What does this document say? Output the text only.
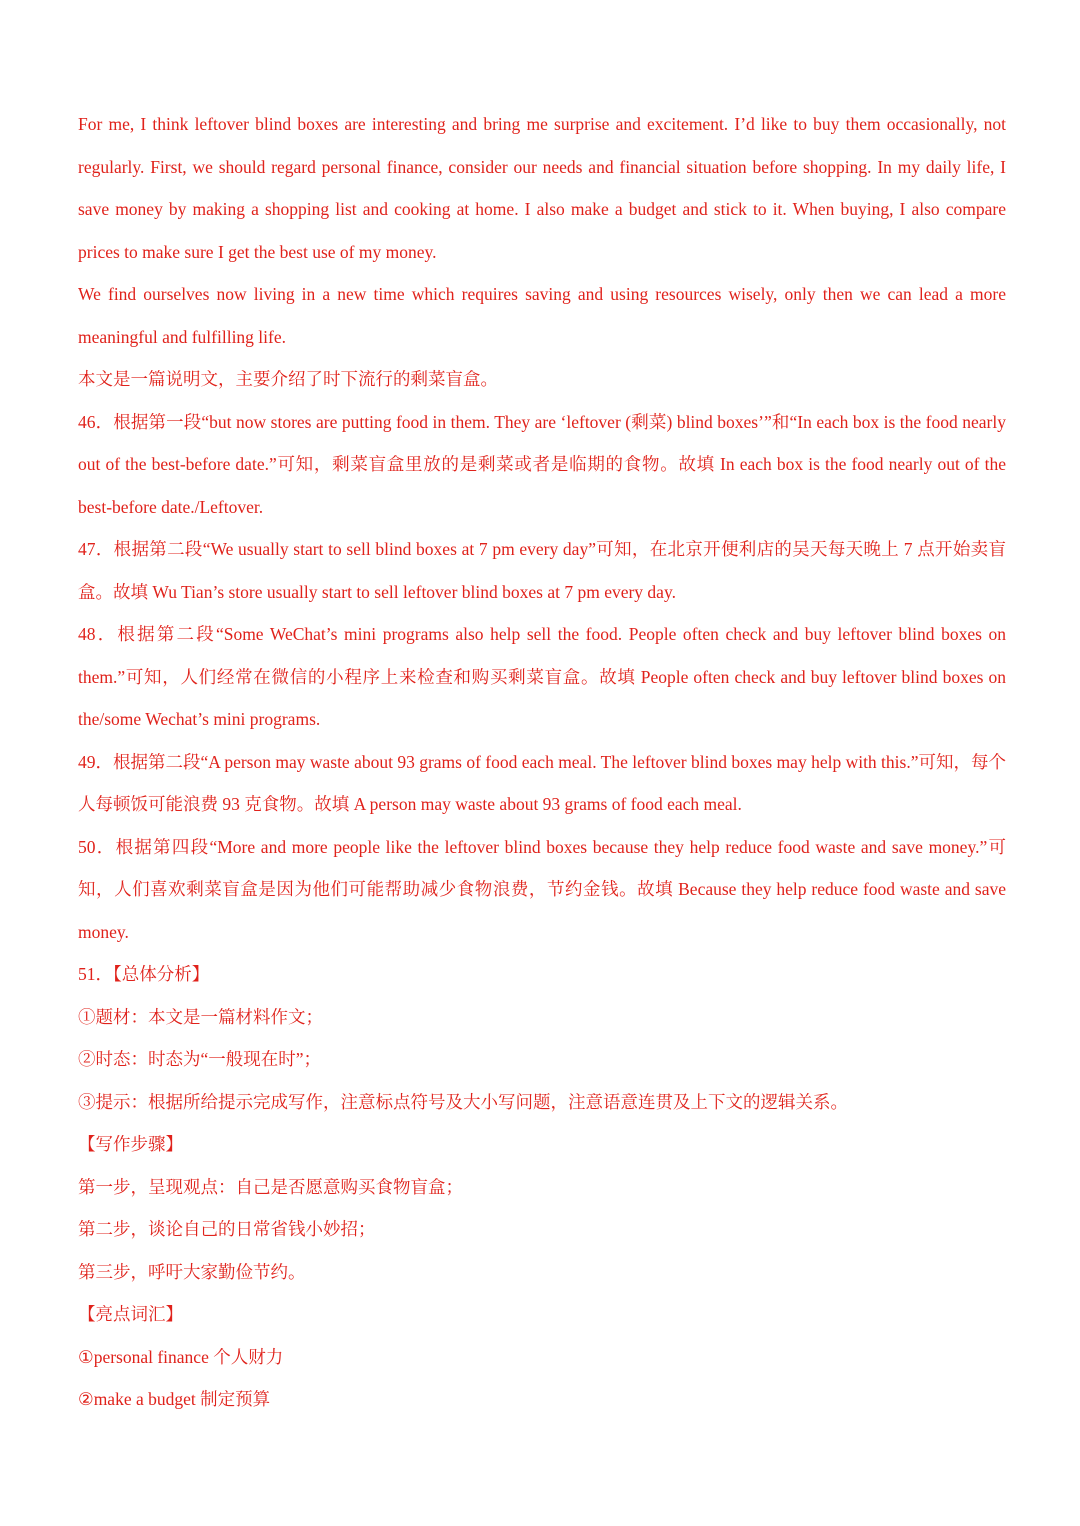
For me, I think leftover blind boxes are interesting and bring me surprise and excitement. I’d like to buy them occasionally, not regularly. First, we should regard personal finance, consider our needs and financial situation before shopping. In my daily life, I save money by making a shopping list and cooking at home. I also make a budget and stick to it. When buying, I also compare prices to make sure I get the best use of my money.

We find ourselves now living in a new time which requires saving and using resources wisely, only then we can lead a more meaningful and fulfilling life.

本文是一篇说明文，主要介绍了时下流行的剩菜盲盒。

46．根据第一段“but now stores are putting food in them. They are ‘leftover (剩菜) blind boxes’”和“In each box is the food nearly out of the best-before date.”可知，剩菜盲盒里放的是剩菜或者是临期的食物。故填 In each box is the food nearly out of the best-before date./Leftover.

47．根据第二段“We usually start to sell blind boxes at 7 pm every day”可知，在北京开便利店的吴天每天晚上 7 点开始卖盲盒。故填 Wu Tian’s store usually start to sell leftover blind boxes at 7 pm every day.

48．根据第二段“Some WeChat’s mini programs also help sell the food. People often check and buy leftover blind boxes on them.”可知，人们经常在微信的小程序上来检查和购买剩菜盲盒。故填 People often check and buy leftover blind boxes on the/some Wechat’s mini programs.

49．根据第二段“A person may waste about 93 grams of food each meal. The leftover blind boxes may help with this.”可知，每个人每顿饭可能浪费 93 克食物。故填 A person may waste about 93 grams of food each meal.

50．根据第四段“More and more people like the leftover blind boxes because they help reduce food waste and save money.”可知，人们喜欢剩菜盲盒是因为他们可能帮助减少食物浪费，节约金钱。故填 Because they help reduce food waste and save money.

51．【总体分析】

①题材：本文是一篇材料作文；

②时态：时态为“一般现在时”；

③提示：根据所给提示完成写作，注意标点符号及大小写问题，注意语意连贯及上下文的逻辑关系。

【写作步骤】

第一步，呈现观点：自己是否愿意购买食物盲盒；

第二步，谈论自己的日常省钱小妙招；

第三步，呼吁大家勤俭节约。

【亮点词汇】

①personal finance 个人财力

②make a budget 制定预算
